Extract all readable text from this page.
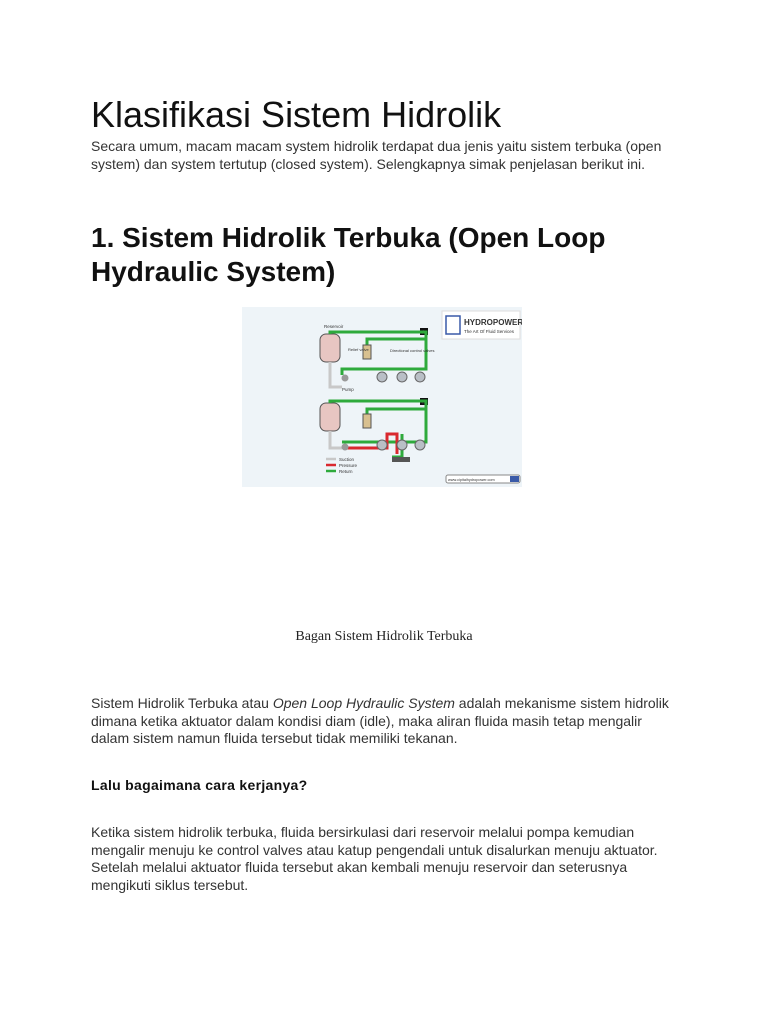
Klasifikasi Sistem Hidrolik
Secara umum, macam macam system hidrolik terdapat dua jenis yaitu sistem terbuka (open system) dan system tertutup (closed system). Selengkapnya simak penjelasan berikut ini.
1. Sistem Hidrolik Terbuka (Open Loop Hydraulic System)
HYDROPOWER
The Art Of Fluid Services
Reservoir
A
Relief valve	Directional control valves
Pump
B
Suction
Pressure
Return
www.cipitalhydropower.com
Bagan Sistem Hidrolik Terbuka
Sistem Hidrolik Terbuka atau Open Loop Hydraulic System adalah mekanisme sistem hidrolik dimana ketika aktuator dalam kondisi diam (idle), maka aliran fluida masih tetap mengalir dalam sistem namun fluida tersebut tidak memiliki tekanan.
Lalu bagaimana cara kerjanya?
Ketika sistem hidrolik terbuka, fluida bersirkulasi dari reservoir melalui pompa kemudian mengalir menuju ke control valves atau katup pengendali untuk disalurkan menuju aktuator. Setelah melalui aktuator fluida tersebut akan kembali menuju reservoir dan seterusnya mengikuti siklus tersebut.
